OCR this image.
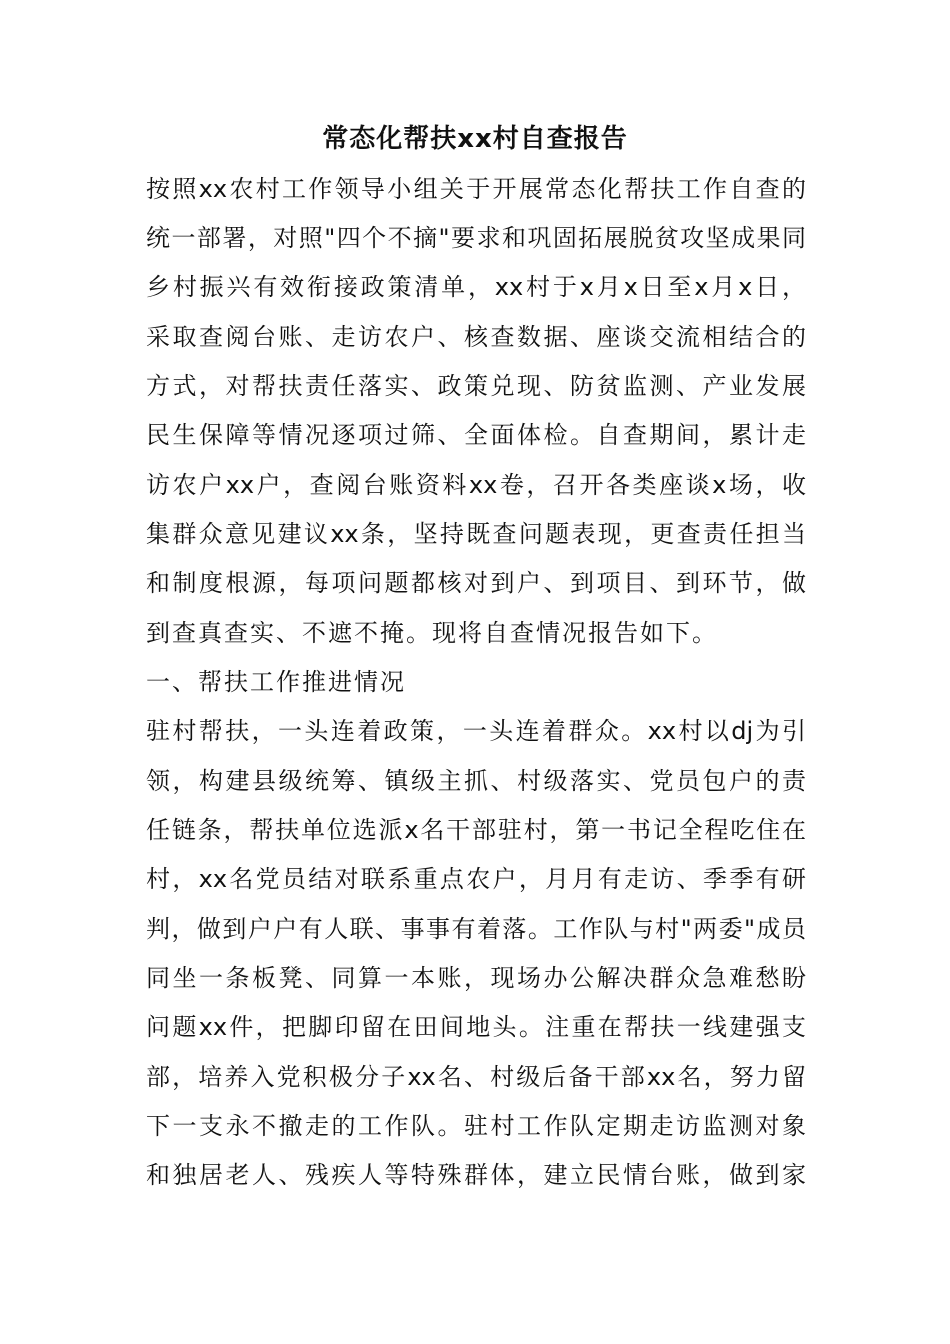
常态化帮扶xx村自查报告
按照xx农村工作领导小组关于开展常态化帮扶工作自查的
统一部署，对照"四个不摘"要求和巩固拓展脱贫攻坚成果同
乡村振兴有效衔接政策清单，xx村于x月x日至x月x日，
采取查阅台账、走访农户、核查数据、座谈交流相结合的
方式，对帮扶责任落实、政策兑现、防贫监测、产业发展
民生保障等情况逐项过筛、全面体检。自查期间，累计走
访农户xx户，查阅台账资料xx卷，召开各类座谈x场，收
集群众意见建议xx条，坚持既查问题表现，更查责任担当
和制度根源，每项问题都核对到户、到项目、到环节，做
到查真查实、不遮不掩。现将自查情况报告如下。
一、帮扶工作推进情况
驻村帮扶，一头连着政策，一头连着群众。xx村以dj为引
领，构建县级统筹、镇级主抓、村级落实、党员包户的责
任链条，帮扶单位选派x名干部驻村，第一书记全程吃住在
村，xx名党员结对联系重点农户，月月有走访、季季有研
判，做到户户有人联、事事有着落。工作队与村"两委"成员
同坐一条板凳、同算一本账，现场办公解决群众急难愁盼
问题xx件，把脚印留在田间地头。注重在帮扶一线建强支
部，培养入党积极分子xx名、村级后备干部xx名，努力留
下一支永不撤走的工作队。驻村工作队定期走访监测对象
和独居老人、残疾人等特殊群体，建立民情台账，做到家
